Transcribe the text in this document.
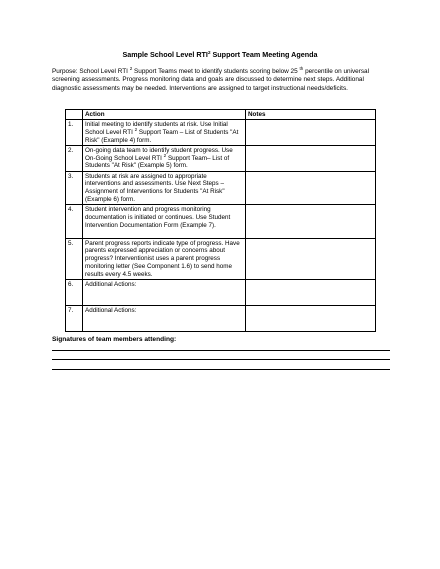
Sample School Level RTI$^2$ Support Team Meeting Agenda
Purpose: School Level RTI $^2$ Support Teams meet to identify students scoring below 25 $^{th}$ percentile on universal screening assessments. Progress monitoring data and goals are discussed to determine next steps. Additional diagnostic assessments may be needed. Interventions are assigned to target instructional needs/deficits.
	Action	Notes
1.	Initial meeting to identify students at risk. Use Initial School Level RTI $^2$ Support Team – List of Students "At Risk" (Example 4) form.	
2.	On-going data team to identify student progress. Use On-Going School Level RTI $^2$ Support Team– List of Students "At Risk" (Example 5) form.	
3.	Students at risk are assigned to appropriate interventions and assessments. Use Next Steps – Assignment of Interventions for Students "At Risk" (Example 6) form.	
4.	Student intervention and progress monitoring documentation is initiated or continues. Use Student Intervention Documentation Form (Example 7).	
5.	Parent progress reports indicate type of progress. Have parents expressed appreciation or concerns about progress? Interventionist uses a parent progress monitoring letter (See Component 1.6) to send home results every 4.5 weeks.	
6.	Additional Actions:	
7.	Additional Actions:	
Signatures of team members attending:
